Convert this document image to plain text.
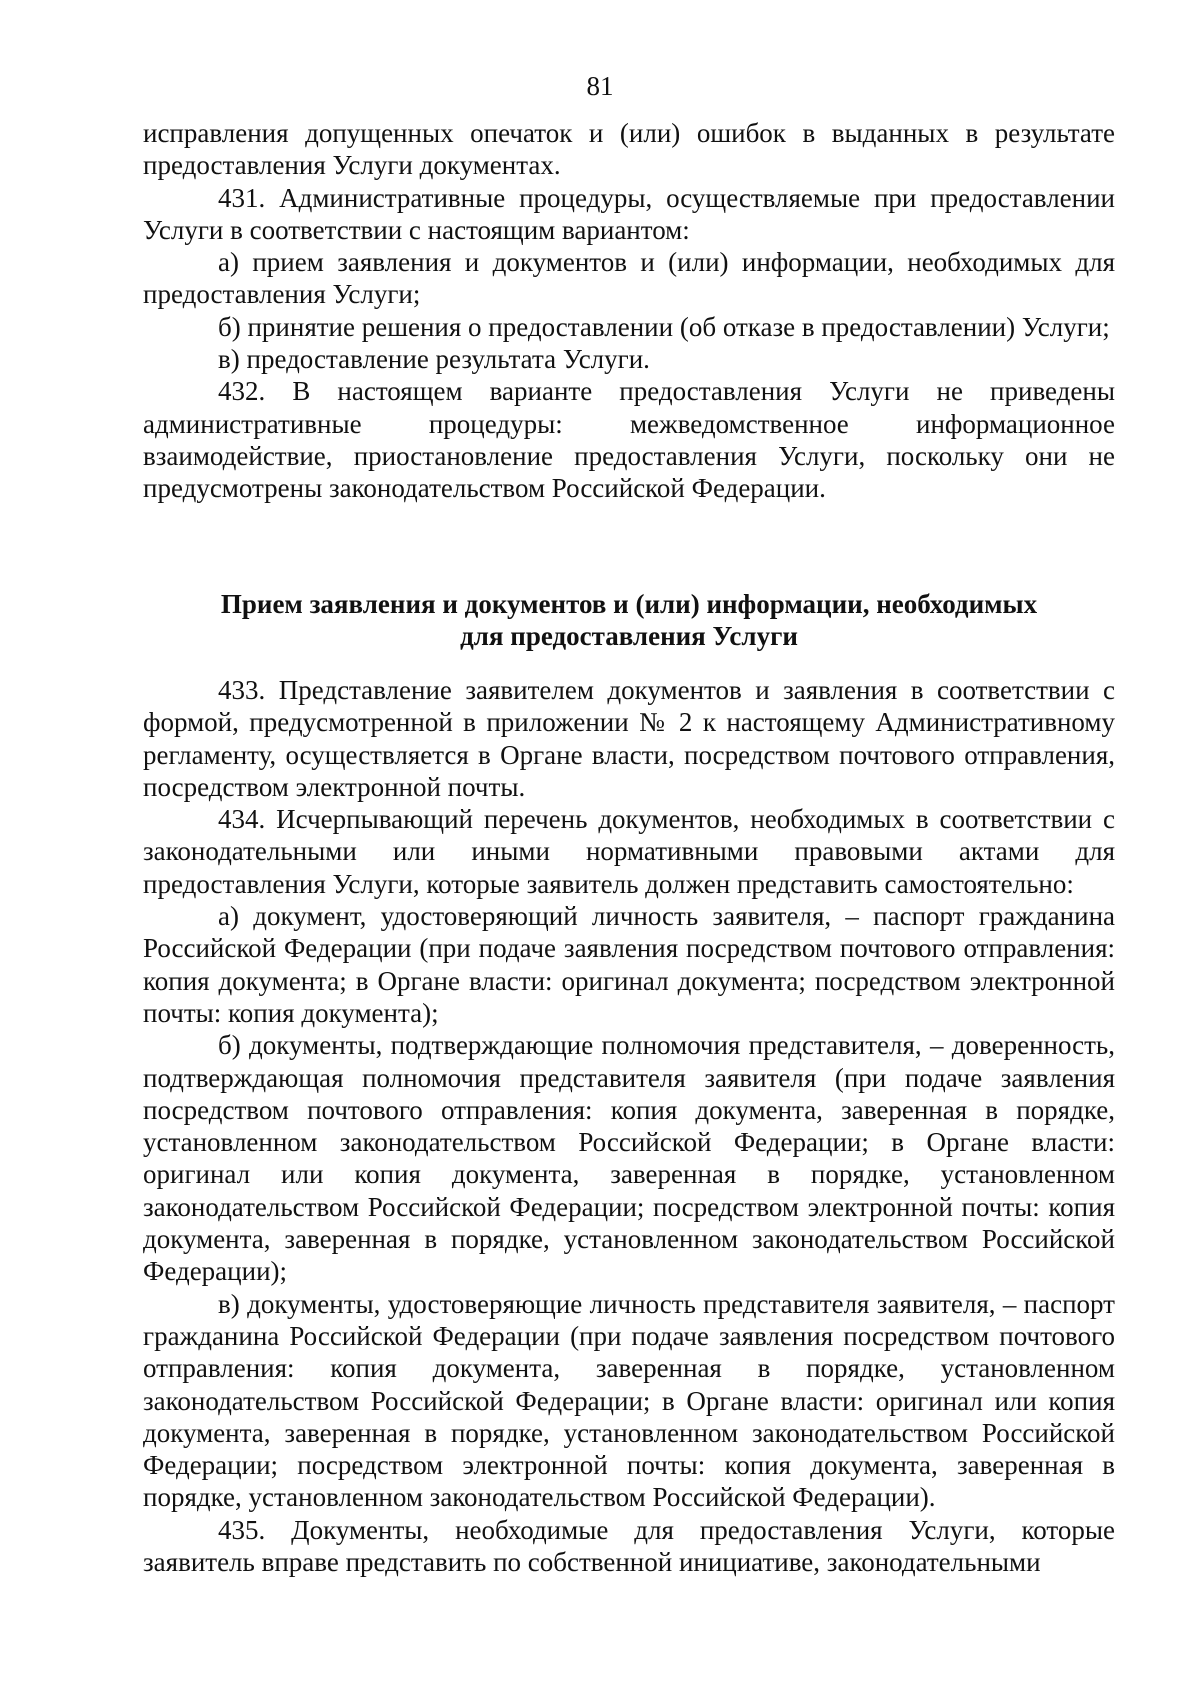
81

исправления допущенных опечаток и (или) ошибок в выданных в результате предоставления Услуги документах.

431. Административные процедуры, осуществляемые при предоставлении Услуги в соответствии с настоящим вариантом:

а) прием заявления и документов и (или) информации, необходимых для предоставления Услуги;

б) принятие решения о предоставлении (об отказе в предоставлении) Услуги;

в) предоставление результата Услуги.

432. В настоящем варианте предоставления Услуги не приведены административные процедуры: межведомственное информационное взаимодействие, приостановление предоставления Услуги, поскольку они не предусмотрены законодательством Российской Федерации.

Прием заявления и документов и (или) информации, необходимых
для предоставления Услуги

433. Представление заявителем документов и заявления в соответствии с формой, предусмотренной в приложении № 2 к настоящему Административному регламенту, осуществляется в Органе власти, посредством почтового отправления, посредством электронной почты.

434. Исчерпывающий перечень документов, необходимых в соответствии с законодательными или иными нормативными правовыми актами для предоставления Услуги, которые заявитель должен представить самостоятельно:

а) документ, удостоверяющий личность заявителя, – паспорт гражданина Российской Федерации (при подаче заявления посредством почтового отправления: копия документа; в Органе власти: оригинал документа; посредством электронной почты: копия документа);

б) документы, подтверждающие полномочия представителя, – доверенность, подтверждающая полномочия представителя заявителя (при подаче заявления посредством почтового отправления: копия документа, заверенная в порядке, установленном законодательством Российской Федерации; в Органе власти: оригинал или копия документа, заверенная в порядке, установленном законодательством Российской Федерации; посредством электронной почты: копия документа, заверенная в порядке, установленном законодательством Российской Федерации);

в) документы, удостоверяющие личность представителя заявителя, – паспорт гражданина Российской Федерации (при подаче заявления посредством почтового отправления: копия документа, заверенная в порядке, установленном законодательством Российской Федерации; в Органе власти: оригинал или копия документа, заверенная в порядке, установленном законодательством Российской Федерации; посредством электронной почты: копия документа, заверенная в порядке, установленном законодательством Российской Федерации).

435. Документы, необходимые для предоставления Услуги, которые заявитель вправе представить по собственной инициативе, законодательными
